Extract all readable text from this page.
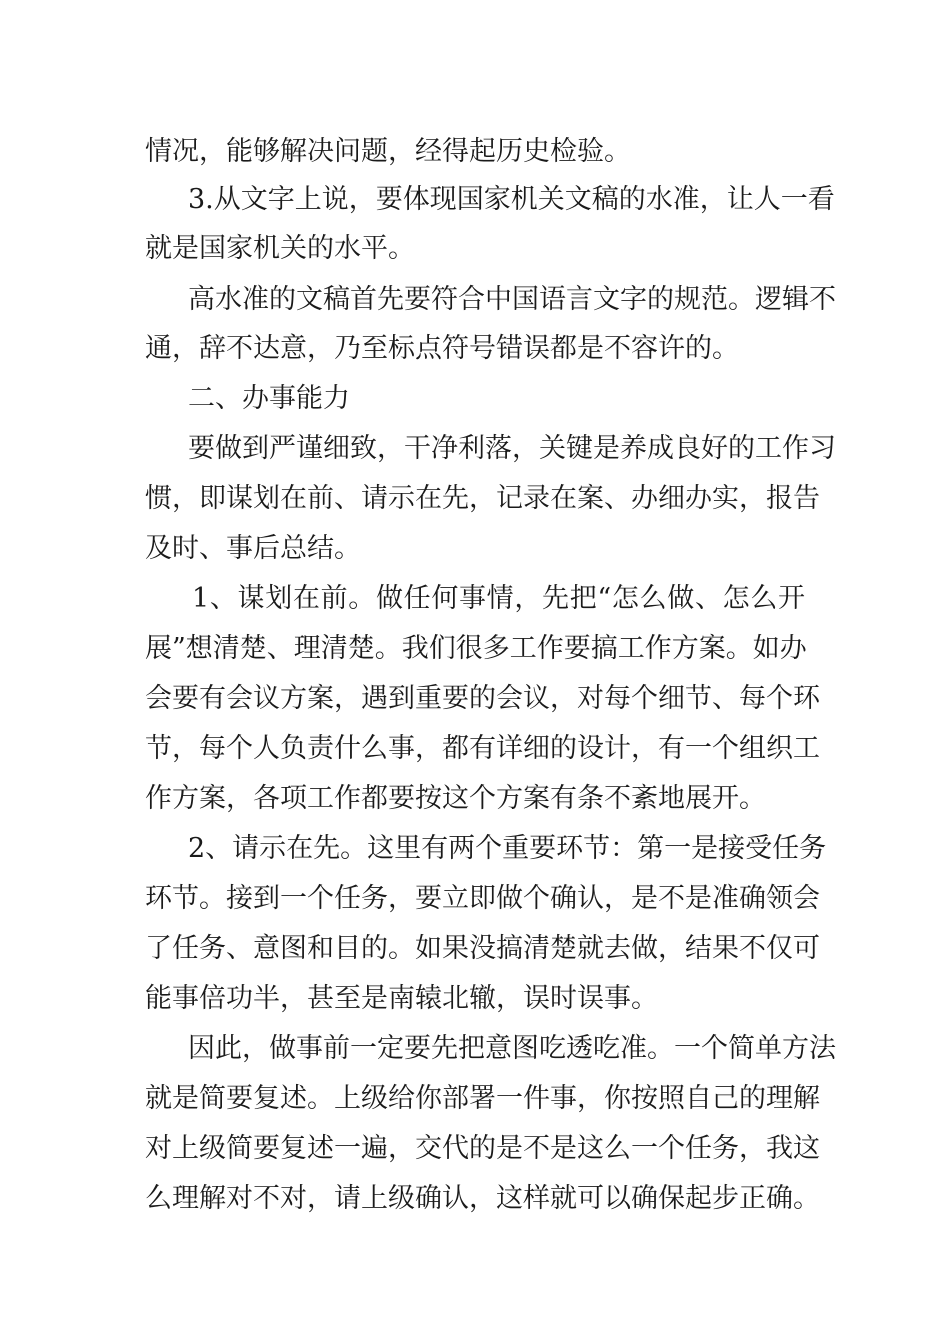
情况，能够解决问题，经得起历史检验。
3.从文字上说，要体现国家机关文稿的水准，让人一看
就是国家机关的水平。
高水准的文稿首先要符合中国语言文字的规范。逻辑不
通，辞不达意，乃至标点符号错误都是不容许的。
二、办事能力
要做到严谨细致，干净利落，关键是养成良好的工作习
惯，即谋划在前、请示在先，记录在案、办细办实，报告
及时、事后总结。
1、谋划在前。做任何事情，先把“怎么做、怎么开
展”想清楚、理清楚。我们很多工作要搞工作方案。如办
会要有会议方案，遇到重要的会议，对每个细节、每个环
节，每个人负责什么事，都有详细的设计，有一个组织工
作方案，各项工作都要按这个方案有条不紊地展开。
2、请示在先。这里有两个重要环节：第一是接受任务
环节。接到一个任务，要立即做个确认，是不是准确领会
了任务、意图和目的。如果没搞清楚就去做，结果不仅可
能事倍功半，甚至是南辕北辙，误时误事。
因此，做事前一定要先把意图吃透吃准。一个简单方法
就是简要复述。上级给你部署一件事，你按照自己的理解
对上级简要复述一遍，交代的是不是这么一个任务，我这
么理解对不对，请上级确认，这样就可以确保起步正确。
